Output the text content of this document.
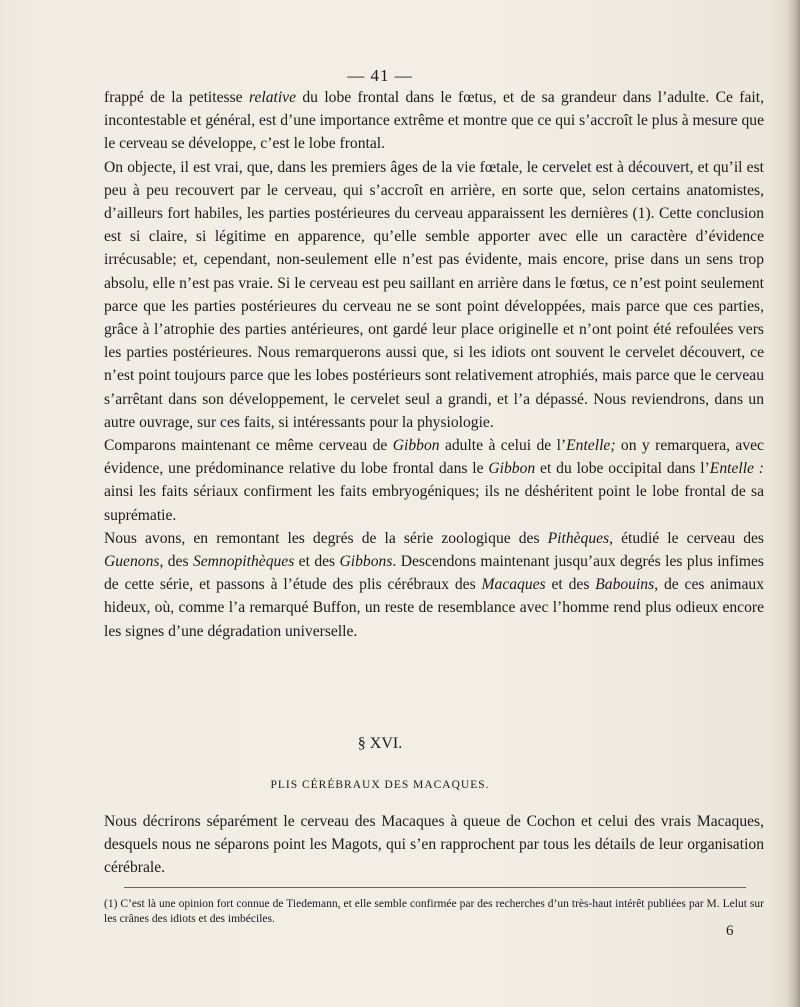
— 41 —

frappé de la petitesse relative du lobe frontal dans le fœtus, et de sa grandeur dans l’adulte. Ce fait, incontestable et général, est d’une importance extrême et montre que ce qui s’accroît le plus à mesure que le cerveau se développe, c’est le lobe frontal.

On objecte, il est vrai, que, dans les premiers âges de la vie fœtale, le cervelet est à découvert, et qu’il est peu à peu recouvert par le cerveau, qui s’accroît en arrière, en sorte que, selon certains anatomistes, d’ailleurs fort habiles, les parties postérieures du cerveau apparaissent les dernières (1). Cette conclusion est si claire, si légitime en apparence, qu’elle semble apporter avec elle un caractère d’évidence irrécusable; et, cependant, non-seulement elle n’est pas évidente, mais encore, prise dans un sens trop absolu, elle n’est pas vraie. Si le cerveau est peu saillant en arrière dans le fœtus, ce n’est point seulement parce que les parties postérieures du cerveau ne se sont point développées, mais parce que ces parties, grâce à l’atrophie des parties antérieures, ont gardé leur place originelle et n’ont point été refoulées vers les parties postérieures. Nous remarquerons aussi que, si les idiots ont souvent le cervelet découvert, ce n’est point toujours parce que les lobes postérieurs sont relativement atrophiés, mais parce que le cerveau s’arrêtant dans son développement, le cervelet seul a grandi, et l’a dépassé. Nous reviendrons, dans un autre ouvrage, sur ces faits, si intéressants pour la physiologie.

Comparons maintenant ce même cerveau de Gibbon adulte à celui de l’Entelle; on y remarquera, avec évidence, une prédominance relative du lobe frontal dans le Gibbon et du lobe occipital dans l’Entelle : ainsi les faits sériaux confirment les faits embryogéniques; ils ne déshéritent point le lobe frontal de sa suprématie.

Nous avons, en remontant les degrés de la série zoologique des Pithèques, étudié le cerveau des Guenons, des Semnopithèques et des Gibbons. Descendons maintenant jusqu’aux degrés les plus infimes de cette série, et passons à l’étude des plis cérébraux des Macaques et des Babouins, de ces animaux hideux, où, comme l’a remarqué Buffon, un reste de resemblance avec l’homme rend plus odieux encore les signes d’une dégradation universelle.

§ XVI.
PLIS CÉRÉBRAUX DES MACAQUES.

Nous décrirons séparément le cerveau des Macaques à queue de Cochon et celui des vrais Macaques, desquels nous ne séparons point les Magots, qui s’en rapprochent par tous les détails de leur organisation cérébrale.

(1) C’est là une opinion fort connue de Tiedemann, et elle semble confirmée par des recherches d’un très-haut intérêt publiées par M. Lelut sur les crânes des idiots et des imbéciles.
6
